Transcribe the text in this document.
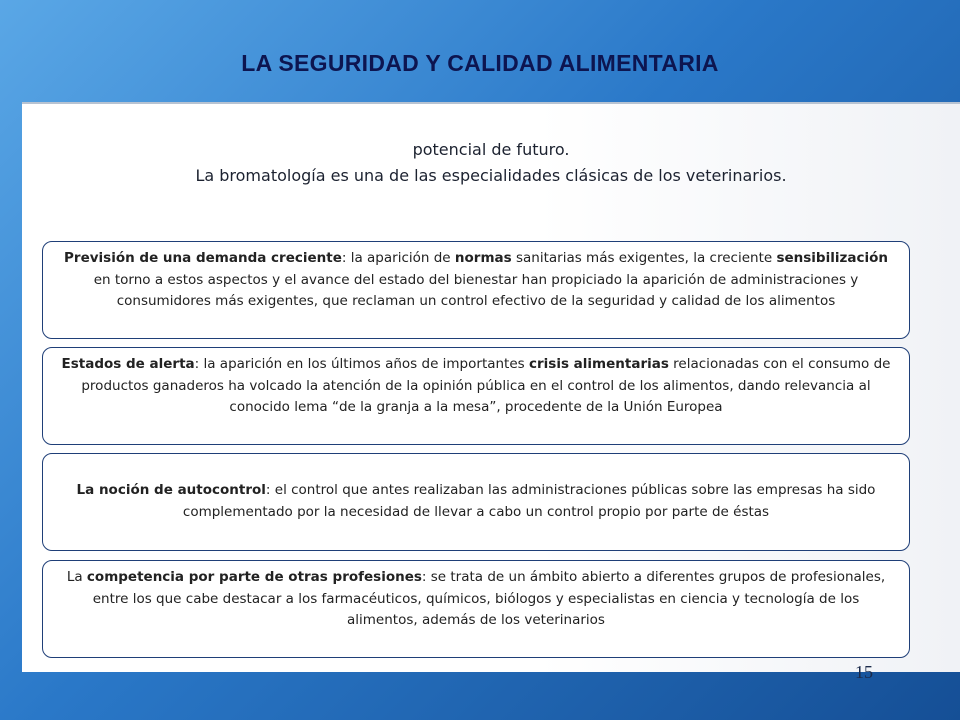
LA SEGURIDAD Y CALIDAD ALIMENTARIA
potencial de futuro.
La bromatología es una de las especialidades clásicas de los veterinarios.

Previsión de una demanda creciente: la aparición de normas sanitarias más exigentes, la creciente sensibilización en torno a estos aspectos y el avance del estado del bienestar han propiciado la aparición de administraciones y consumidores más exigentes, que reclaman un control efectivo de la seguridad y calidad de los alimentos

Estados de alerta: la aparición en los últimos años de importantes crisis alimentarias relacionadas con el consumo de productos ganaderos ha volcado la atención de la opinión pública en el control de los alimentos, dando relevancia al conocido lema “de la granja a la mesa”, procedente de la Unión Europea

La noción de autocontrol: el control que antes realizaban las administraciones públicas sobre las empresas ha sido complementado por la necesidad de llevar a cabo un control propio por parte de éstas

La competencia por parte de otras profesiones: se trata de un ámbito abierto a diferentes grupos de profesionales, entre los que cabe destacar a los farmacéuticos, químicos, biólogos y especialistas en ciencia y tecnología de los alimentos, además de los veterinarios

15
